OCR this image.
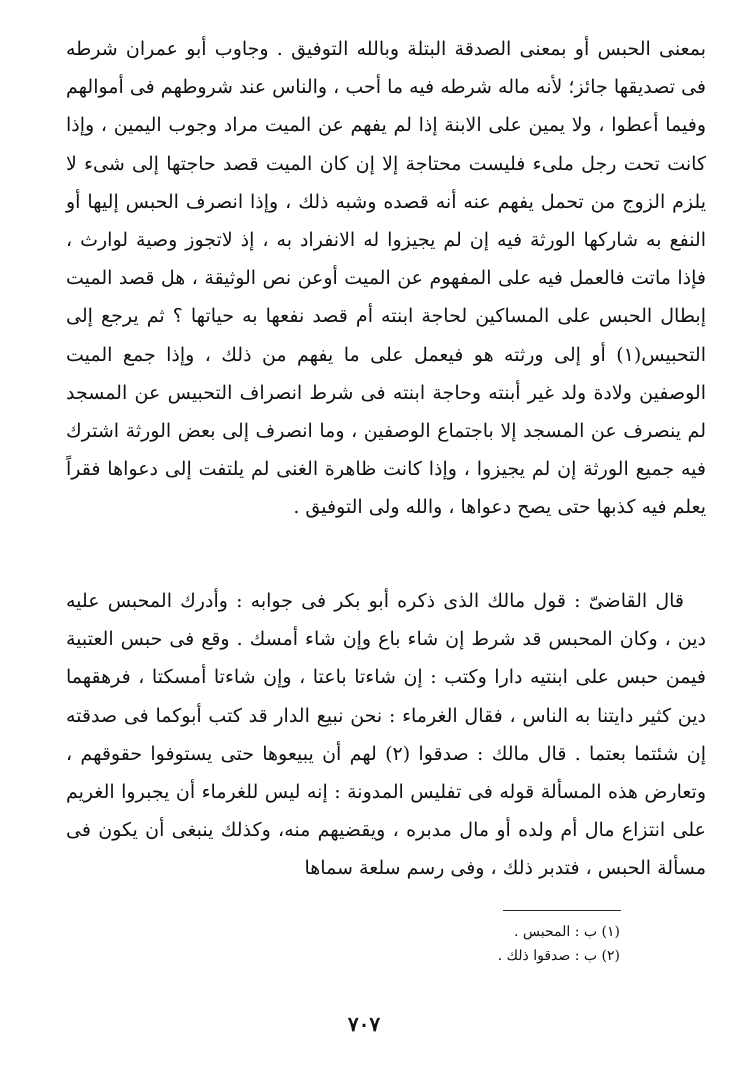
بمعنى الحبس أو بمعنى الصدقة البتلة وبالله التوفيق . وجاوب أبو عمران شرطه فى تصديقها جائز؛ لأنه ماله شرطه فيه ما أحب ، والناس عند شروطهم فى أموالهم وفيما أعطوا ، ولا يمين على الابنة إذا لم يفهم عن الميت مراد وجوب اليمين ، وإذا كانت تحت رجل ملىء فليست محتاجة إلا إن كان الميت قصد حاجتها إلى شىء لا يلزم الزوج من تحمل يفهم عنه أنه قصده وشبه ذلك ، وإذا انصرف الحبس إليها أو النفع به شاركها الورثة فيه إن لم يجيزوا له الانفراد به ، إذ لاتجوز وصية لوارث ، فإذا ماتت فالعمل فيه على المفهوم عن الميت أوعن نص الوثيقة ، هل قصد الميت إبطال الحبس على المساكين لحاجة ابنته أم قصد نفعها به حياتها ؟ ثم يرجع إلى التحبيس(١) أو إلى ورثته هو فيعمل على ما يفهم من ذلك ، وإذا جمع الميت الوصفين ولادة ولد غير أبنته وحاجة ابنته فى شرط انصراف التحبيس عن المسجد لم ينصرف عن المسجد إلا باجتماع الوصفين ، وما انصرف إلى بعض الورثة اشترك فيه جميع الورثة إن لم يجيزوا ، وإذا كانت ظاهرة الغنى لم يلتفت إلى دعواها فقراً يعلم فيه كذبها حتى يصح دعواها ، والله ولى التوفيق .

قال القاضىّ : قول مالك الذى ذكره أبو بكر فى جوابه : وأدرك المحبس عليه دين ، وكان المحبس قد شرط إن شاء باع وإن شاء أمسك . وقع فى حبس العتبية فيمن حبس على ابنتيه دارا وكتب : إن شاءتا باعتا ، وإن شاءتا أمسكتا ، فرهقهما دين كثير دايتنا به الناس ، فقال الغرماء : نحن نبيع الدار قد كتب أبوكما فى صدقته إن شئتما بعتما . قال مالك : صدقوا (٢) لهم أن يبيعوها حتى يستوفوا حقوقهم ، وتعارض هذه المسألة قوله فى تفليس المدونة : إنه ليس للغرماء أن يجبروا الغريم على انتزاع مال أم ولده أو مال مدبره ، ويقضيهم منه، وكذلك ينبغى أن يكون فى مسألة الحبس ، فتدبر ذلك ، وفى رسم سلعة سماها

(١) ب : المحبس .
(٢) ب : صدقوا ذلك .
٧٠٧
